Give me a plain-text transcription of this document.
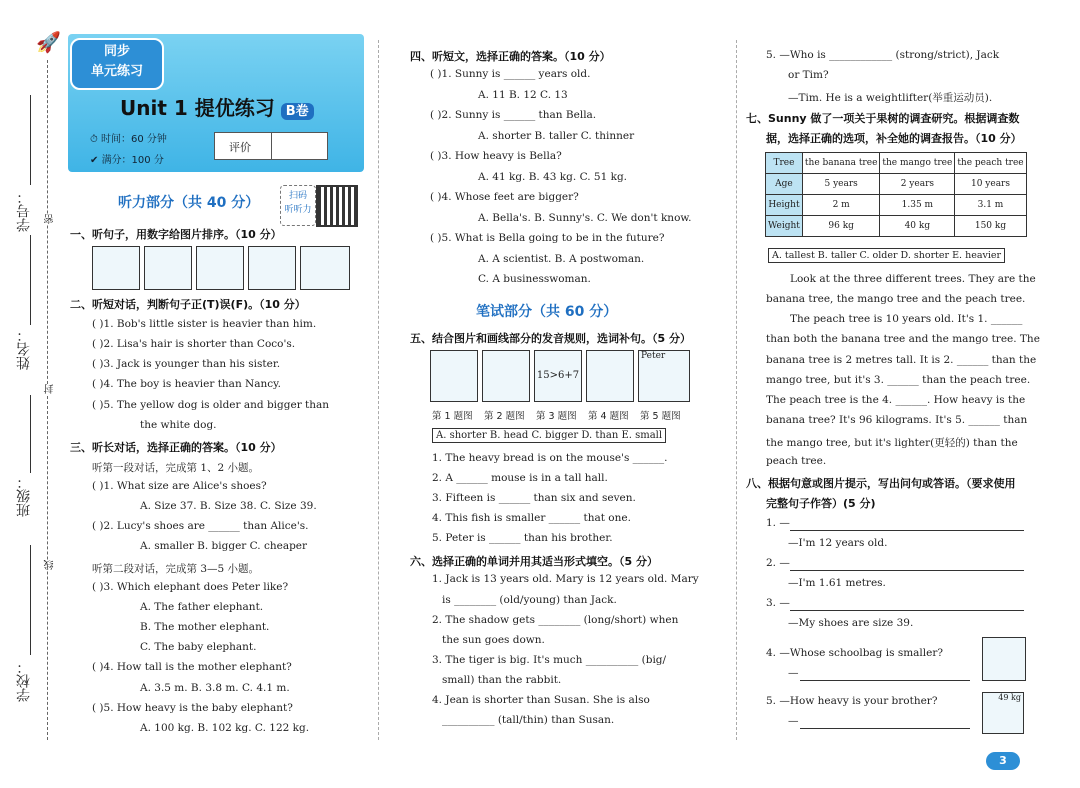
🚀
学号： 密
姓名：
封
班级：
线
学校：
同步
单元练习
Unit 1 提优练习 B卷
⏱ 时间：60 分钟
✔ 满分：100 分
评价
听力部分（共 40 分）	扫码
听听力
一、听句子，用数字给图片排序。（10 分）
二、听短对话，判断句子正(T)误(F)。（10 分）
( )1. Bob's little sister is heavier than him.
( )2. Lisa's hair is shorter than Coco's.
( )3. Jack is younger than his sister.
( )4. The boy is heavier than Nancy.
( )5. The yellow dog is older and bigger than
the white dog.
三、听长对话，选择正确的答案。（10 分）
听第一段对话，完成第 1、2 小题。
( )1. What size are Alice's shoes?
A. Size 37. B. Size 38. C. Size 39.
( )2. Lucy's shoes are ______ than Alice's.
A. smaller B. bigger C. cheaper
听第二段对话，完成第 3—5 小题。
( )3. Which elephant does Peter like?
A. The father elephant.
B. The mother elephant.
C. The baby elephant.
( )4. How tall is the mother elephant?
A. 3.5 m. B. 3.8 m. C. 4.1 m.
( )5. How heavy is the baby elephant?
A. 100 kg. B. 102 kg. C. 122 kg.
四、听短文，选择正确的答案。（10 分）
( )1. Sunny is ______ years old.
A. 11 B. 12 C. 13
( )2. Sunny is ______ than Bella.
A. shorter B. taller C. thinner
( )3. How heavy is Bella?
A. 41 kg. B. 43 kg. C. 51 kg.
( )4. Whose feet are bigger?
A. Bella's. B. Sunny's. C. We don't know.
( )5. What is Bella going to be in the future?
A. A scientist. B. A postwoman.
C. A businesswoman.
笔试部分（共 60 分）
五、结合图片和画线部分的发音规则，选词补句。（5 分）
15>6+7
Peter
第 1 题图 第 2 题图 第 3 题图 第 4 题图 第 5 题图
A. shorter B. head C. bigger D. than E. small
1. The heavy bread is on the mouse's ______.
2. A ______ mouse is in a tall hall.
3. Fifteen is ______ than six and seven.
4. This fish is smaller ______ that one.
5. Peter is ______ than his brother.
六、选择正确的单词并用其适当形式填空。（5 分）
1. Jack is 13 years old. Mary is 12 years old. Mary
is ________ (old/young) than Jack.
2. The shadow gets ________ (long/short) when
the sun goes down.
3. The tiger is big. It's much __________ (big/
small) than the rabbit.
4. Jean is shorter than Susan. She is also
__________ (tall/thin) than Susan.
5. —Who is ____________ (strong/strict), Jack
or Tim?
—Tim. He is a weightlifter(举重运动员).
七、Sunny 做了一项关于果树的调查研究。根据调查数
据，选择正确的选项，补全她的调查报告。（10 分）
Tree	the banana tree	the mango tree	the peach tree
Age	5 years	2 years	10 years
Height	2 m	1.35 m	3.1 m
Weight	96 kg	40 kg	150 kg
A. tallest B. taller C. older D. shorter E. heavier
Look at the three different trees. They are the
banana tree, the mango tree and the peach tree.
The peach tree is 10 years old. It's 1. ______
than both the banana tree and the mango tree. The
banana tree is 2 metres tall. It is 2. ______ than the
mango tree, but it's 3. ______ than the peach tree.
The peach tree is the 4. ______. How heavy is the
banana tree? It's 96 kilograms. It's 5. ______ than
the mango tree, but it's lighter(更轻的) than the
peach tree.
八、根据句意或图片提示，写出问句或答语。（要求使用
完整句子作答）(5 分)
1. —
—I'm 12 years old.
2. —
—I'm 1.61 metres.
3. —
—My shoes are size 39.
4. —Whose schoolbag is smaller?
—
5. —How heavy is your brother?
—
49 kg
3
